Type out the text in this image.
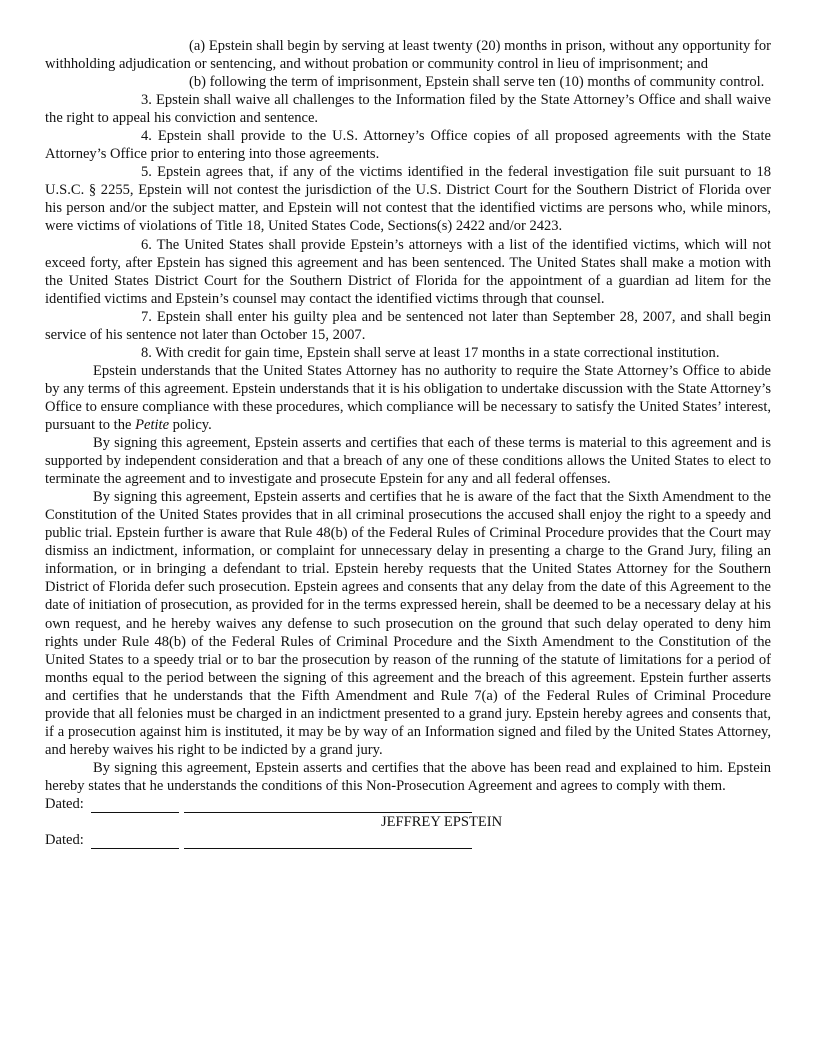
(a) Epstein shall begin by serving at least twenty (20) months in prison, without any opportunity for withholding adjudication or sentencing, and without probation or community control in lieu of imprisonment; and

(b) following the term of imprisonment, Epstein shall serve ten (10) months of community control.

3. Epstein shall waive all challenges to the Information filed by the State Attorney’s Office and shall waive the right to appeal his conviction and sentence.

4. Epstein shall provide to the U.S. Attorney’s Office copies of all proposed agreements with the State Attorney’s Office prior to entering into those agreements.

5. Epstein agrees that, if any of the victims identified in the federal investigation file suit pursuant to 18 U.S.C. § 2255, Epstein will not contest the jurisdiction of the U.S. District Court for the Southern District of Florida over his person and/or the subject matter, and Epstein will not contest that the identified victims are persons who, while minors, were victims of violations of Title 18, United States Code, Sections(s) 2422 and/or 2423.

6. The United States shall provide Epstein’s attorneys with a list of the identified victims, which will not exceed forty, after Epstein has signed this agreement and has been sentenced. The United States shall make a motion with the United States District Court for the Southern District of Florida for the appointment of a guardian ad litem for the identified victims and Epstein’s counsel may contact the identified victims through that counsel.

7. Epstein shall enter his guilty plea and be sentenced not later than September 28, 2007, and shall begin service of his sentence not later than October 15, 2007.

8. With credit for gain time, Epstein shall serve at least 17 months in a state correctional institution.

Epstein understands that the United States Attorney has no authority to require the State Attorney’s Office to abide by any terms of this agreement. Epstein understands that it is his obligation to undertake discussion with the State Attorney’s Office to ensure compliance with these procedures, which compliance will be necessary to satisfy the United States’ interest, pursuant to the Petite policy.

By signing this agreement, Epstein asserts and certifies that each of these terms is material to this agreement and is supported by independent consideration and that a breach of any one of these conditions allows the United States to elect to terminate the agreement and to investigate and prosecute Epstein for any and all federal offenses.

By signing this agreement, Epstein asserts and certifies that he is aware of the fact that the Sixth Amendment to the Constitution of the United States provides that in all criminal prosecutions the accused shall enjoy the right to a speedy and public trial. Epstein further is aware that Rule 48(b) of the Federal Rules of Criminal Procedure provides that the Court may dismiss an indictment, information, or complaint for unnecessary delay in presenting a charge to the Grand Jury, filing an information, or in bringing a defendant to trial. Epstein hereby requests that the United States Attorney for the Southern District of Florida defer such prosecution. Epstein agrees and consents that any delay from the date of this Agreement to the date of initiation of prosecution, as provided for in the terms expressed herein, shall be deemed to be a necessary delay at his own request, and he hereby waives any defense to such prosecution on the ground that such delay operated to deny him rights under Rule 48(b) of the Federal Rules of Criminal Procedure and the Sixth Amendment to the Constitution of the United States to a speedy trial or to bar the prosecution by reason of the running of the statute of limitations for a period of months equal to the period between the signing of this agreement and the breach of this agreement. Epstein further asserts and certifies that he understands that the Fifth Amendment and Rule 7(a) of the Federal Rules of Criminal Procedure provide that all felonies must be charged in an indictment presented to a grand jury. Epstein hereby agrees and consents that, if a prosecution against him is instituted, it may be by way of an Information signed and filed by the United States Attorney, and hereby waives his right to be indicted by a grand jury.

By signing this agreement, Epstein asserts and certifies that the above has been read and explained to him. Epstein hereby states that he understands the conditions of this Non-Prosecution Agreement and agrees to comply with them.

Dated:
JEFFREY EPSTEIN
Dated:
